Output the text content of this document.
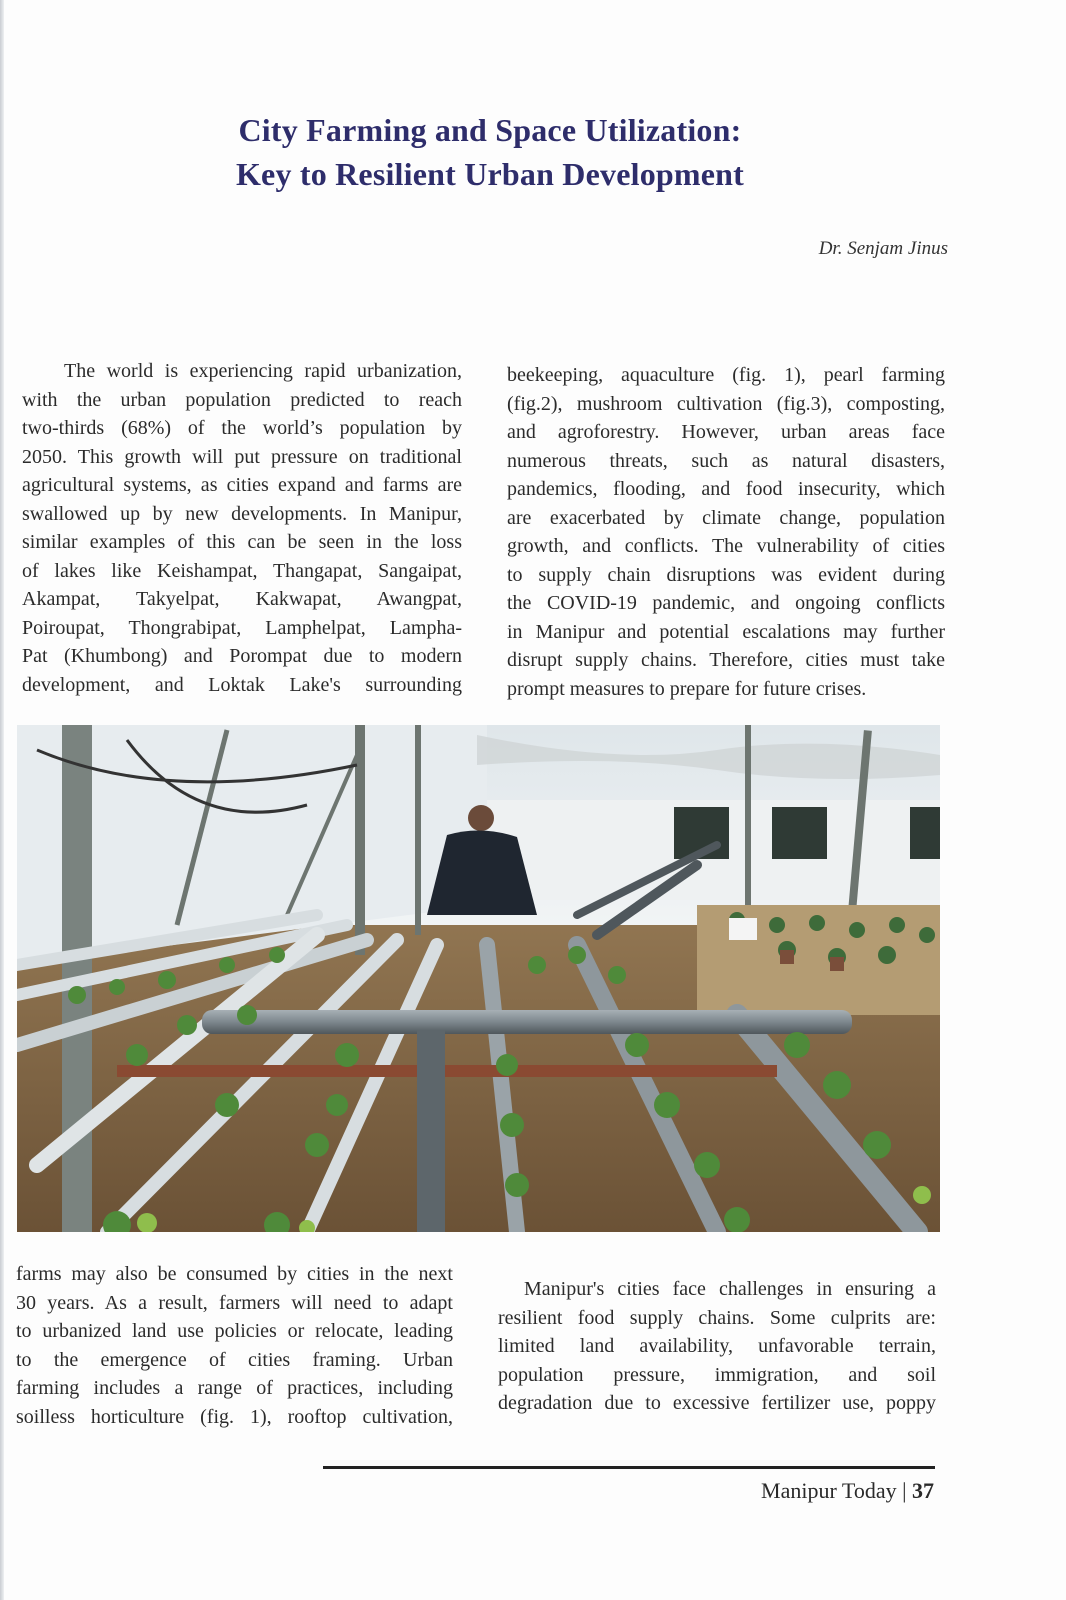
City Farming and Space Utilization:
Key to Resilient Urban Development
Dr. Senjam Jinus
The world is experiencing rapid urbanization,
with the urban population predicted to reach
two-thirds (68%) of the world’s population by
2050. This growth will put pressure on traditional
agricultural systems, as cities expand and farms are
swallowed up by new developments. In Manipur,
similar examples of this can be seen in the loss
of lakes like Keishampat, Thangapat, Sangaipat,
Akampat, Takyelpat, Kakwapat, Awangpat,
Poiroupat, Thongrabipat, Lamphelpat, Lampha-
Pat (Khumbong) and Porompat due to modern
development, and Loktak Lake's surrounding
beekeeping, aquaculture (fig. 1), pearl farming
(fig.2), mushroom cultivation (fig.3), composting,
and agroforestry. However, urban areas face
numerous threats, such as natural disasters,
pandemics, flooding, and food insecurity, which
are exacerbated by climate change, population
growth, and conflicts. The vulnerability of cities
to supply chain disruptions was evident during
the COVID-19 pandemic, and ongoing conflicts
in Manipur and potential escalations may further
disrupt supply chains. Therefore, cities must take
prompt measures to prepare for future crises.
farms may also be consumed by cities in the next
30 years. As a result, farmers will need to adapt
to urbanized land use policies or relocate, leading
to the emergence of cities framing. Urban
farming includes a range of practices, including
soilless horticulture (fig. 1), rooftop cultivation,
Manipur's cities face challenges in ensuring a
resilient food supply chains. Some culprits are:
limited land availability, unfavorable terrain,
population pressure, immigration, and soil
degradation due to excessive fertilizer use, poppy
Manipur Today | 37
